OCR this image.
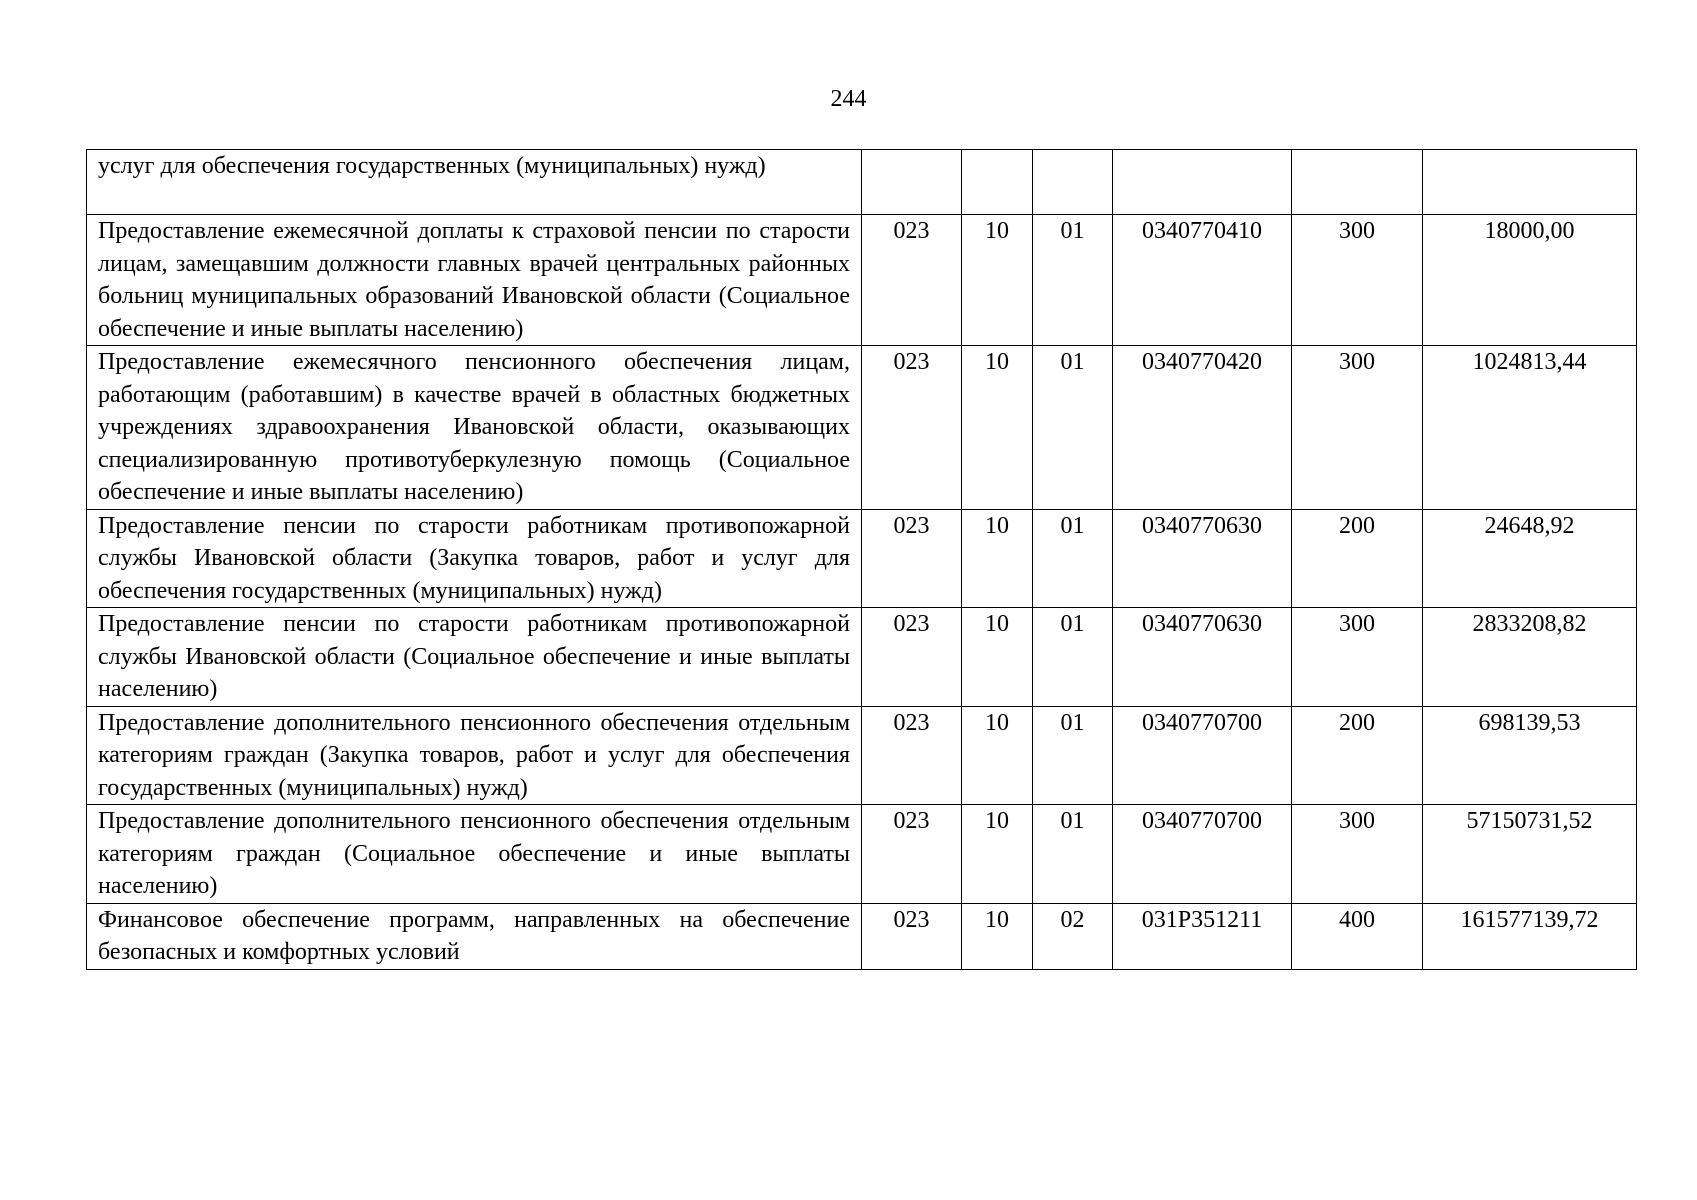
244
услуг для обеспечения государственных (муниципальных) нужд)						
Предоставление ежемесячной доплаты к страховой пенсии по старости лицам, замещавшим должности главных врачей центральных районных больниц муниципальных образований Ивановской области (Социальное обеспечение и иные выплаты населению)	023	10	01	0340770410	300	18000,00
Предоставление ежемесячного пенсионного обеспечения лицам, работающим (работавшим) в качестве врачей в областных бюджетных учреждениях здравоохранения Ивановской области, оказывающих специализированную противотуберкулезную помощь (Социальное обеспечение и иные выплаты населению)	023	10	01	0340770420	300	1024813,44
Предоставление пенсии по старости работникам противопожарной службы Ивановской области (Закупка товаров, работ и услуг для обеспечения государственных (муниципальных) нужд)	023	10	01	0340770630	200	24648,92
Предоставление пенсии по старости работникам противопожарной службы Ивановской области (Социальное обеспечение и иные выплаты населению)	023	10	01	0340770630	300	2833208,82
Предоставление дополнительного пенсионного обеспечения отдельным категориям граждан (Закупка товаров, работ и услуг для обеспечения государственных (муниципальных) нужд)	023	10	01	0340770700	200	698139,53
Предоставление дополнительного пенсионного обеспечения отдельным категориям граждан (Социальное обеспечение и иные выплаты населению)	023	10	01	0340770700	300	57150731,52
Финансовое обеспечение программ, направленных на обеспечение безопасных и комфортных условий	023	10	02	031P351211	400	161577139,72
